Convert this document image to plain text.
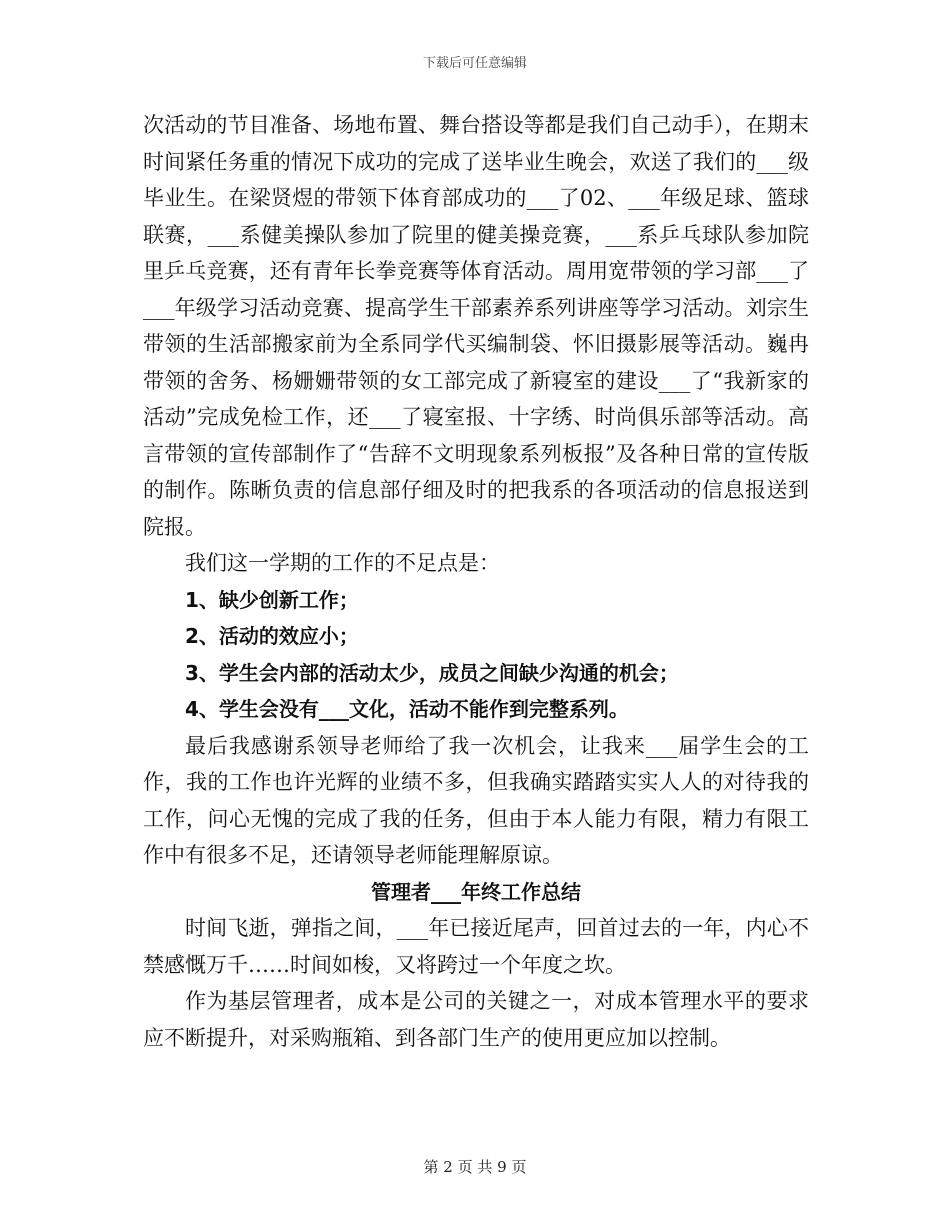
下载后可任意编辑

次活动的节目准备、场地布置、舞台搭设等都是我们自己动手），在期末时间紧任务重的情况下成功的完成了送毕业生晚会，欢送了我们的___级毕业生。在梁贤煜的带领下体育部成功的___了02、___年级足球、篮球联赛，___系健美操队参加了院里的健美操竞赛，___系乒乓球队参加院里乒乓竞赛，还有青年长拳竞赛等体育活动。周用宽带领的学习部___了___年级学习活动竞赛、提高学生干部素养系列讲座等学习活动。刘宗生带领的生活部搬家前为全系同学代买编制袋、怀旧摄影展等活动。巍冉带领的舍务、杨姗姗带领的女工部完成了新寝室的建设___了“我新家的活动”完成免检工作，还___了寝室报、十字绣、时尚俱乐部等活动。高言带领的宣传部制作了“告辞不文明现象系列板报”及各种日常的宣传版的制作。陈晰负责的信息部仔细及时的把我系的各项活动的信息报送到院报。

我们这一学期的工作的不足点是：

1、缺少创新工作；

2、活动的效应小；

3、学生会内部的活动太少，成员之间缺少沟通的机会；

4、学生会没有___文化，活动不能作到完整系列。

最后我感谢系领导老师给了我一次机会，让我来___届学生会的工作，我的工作也许光辉的业绩不多，但我确实踏踏实实人人的对待我的工作，问心无愧的完成了我的任务，但由于本人能力有限，精力有限工作中有很多不足，还请领导老师能理解原谅。

管理者___年终工作总结

时间飞逝，弹指之间，___年已接近尾声，回首过去的一年，内心不禁感慨万千……时间如梭，又将跨过一个年度之坎。

作为基层管理者，成本是公司的关键之一，对成本管理水平的要求应不断提升，对采购瓶箱、到各部门生产的使用更应加以控制。

第 2 页 共 9 页
